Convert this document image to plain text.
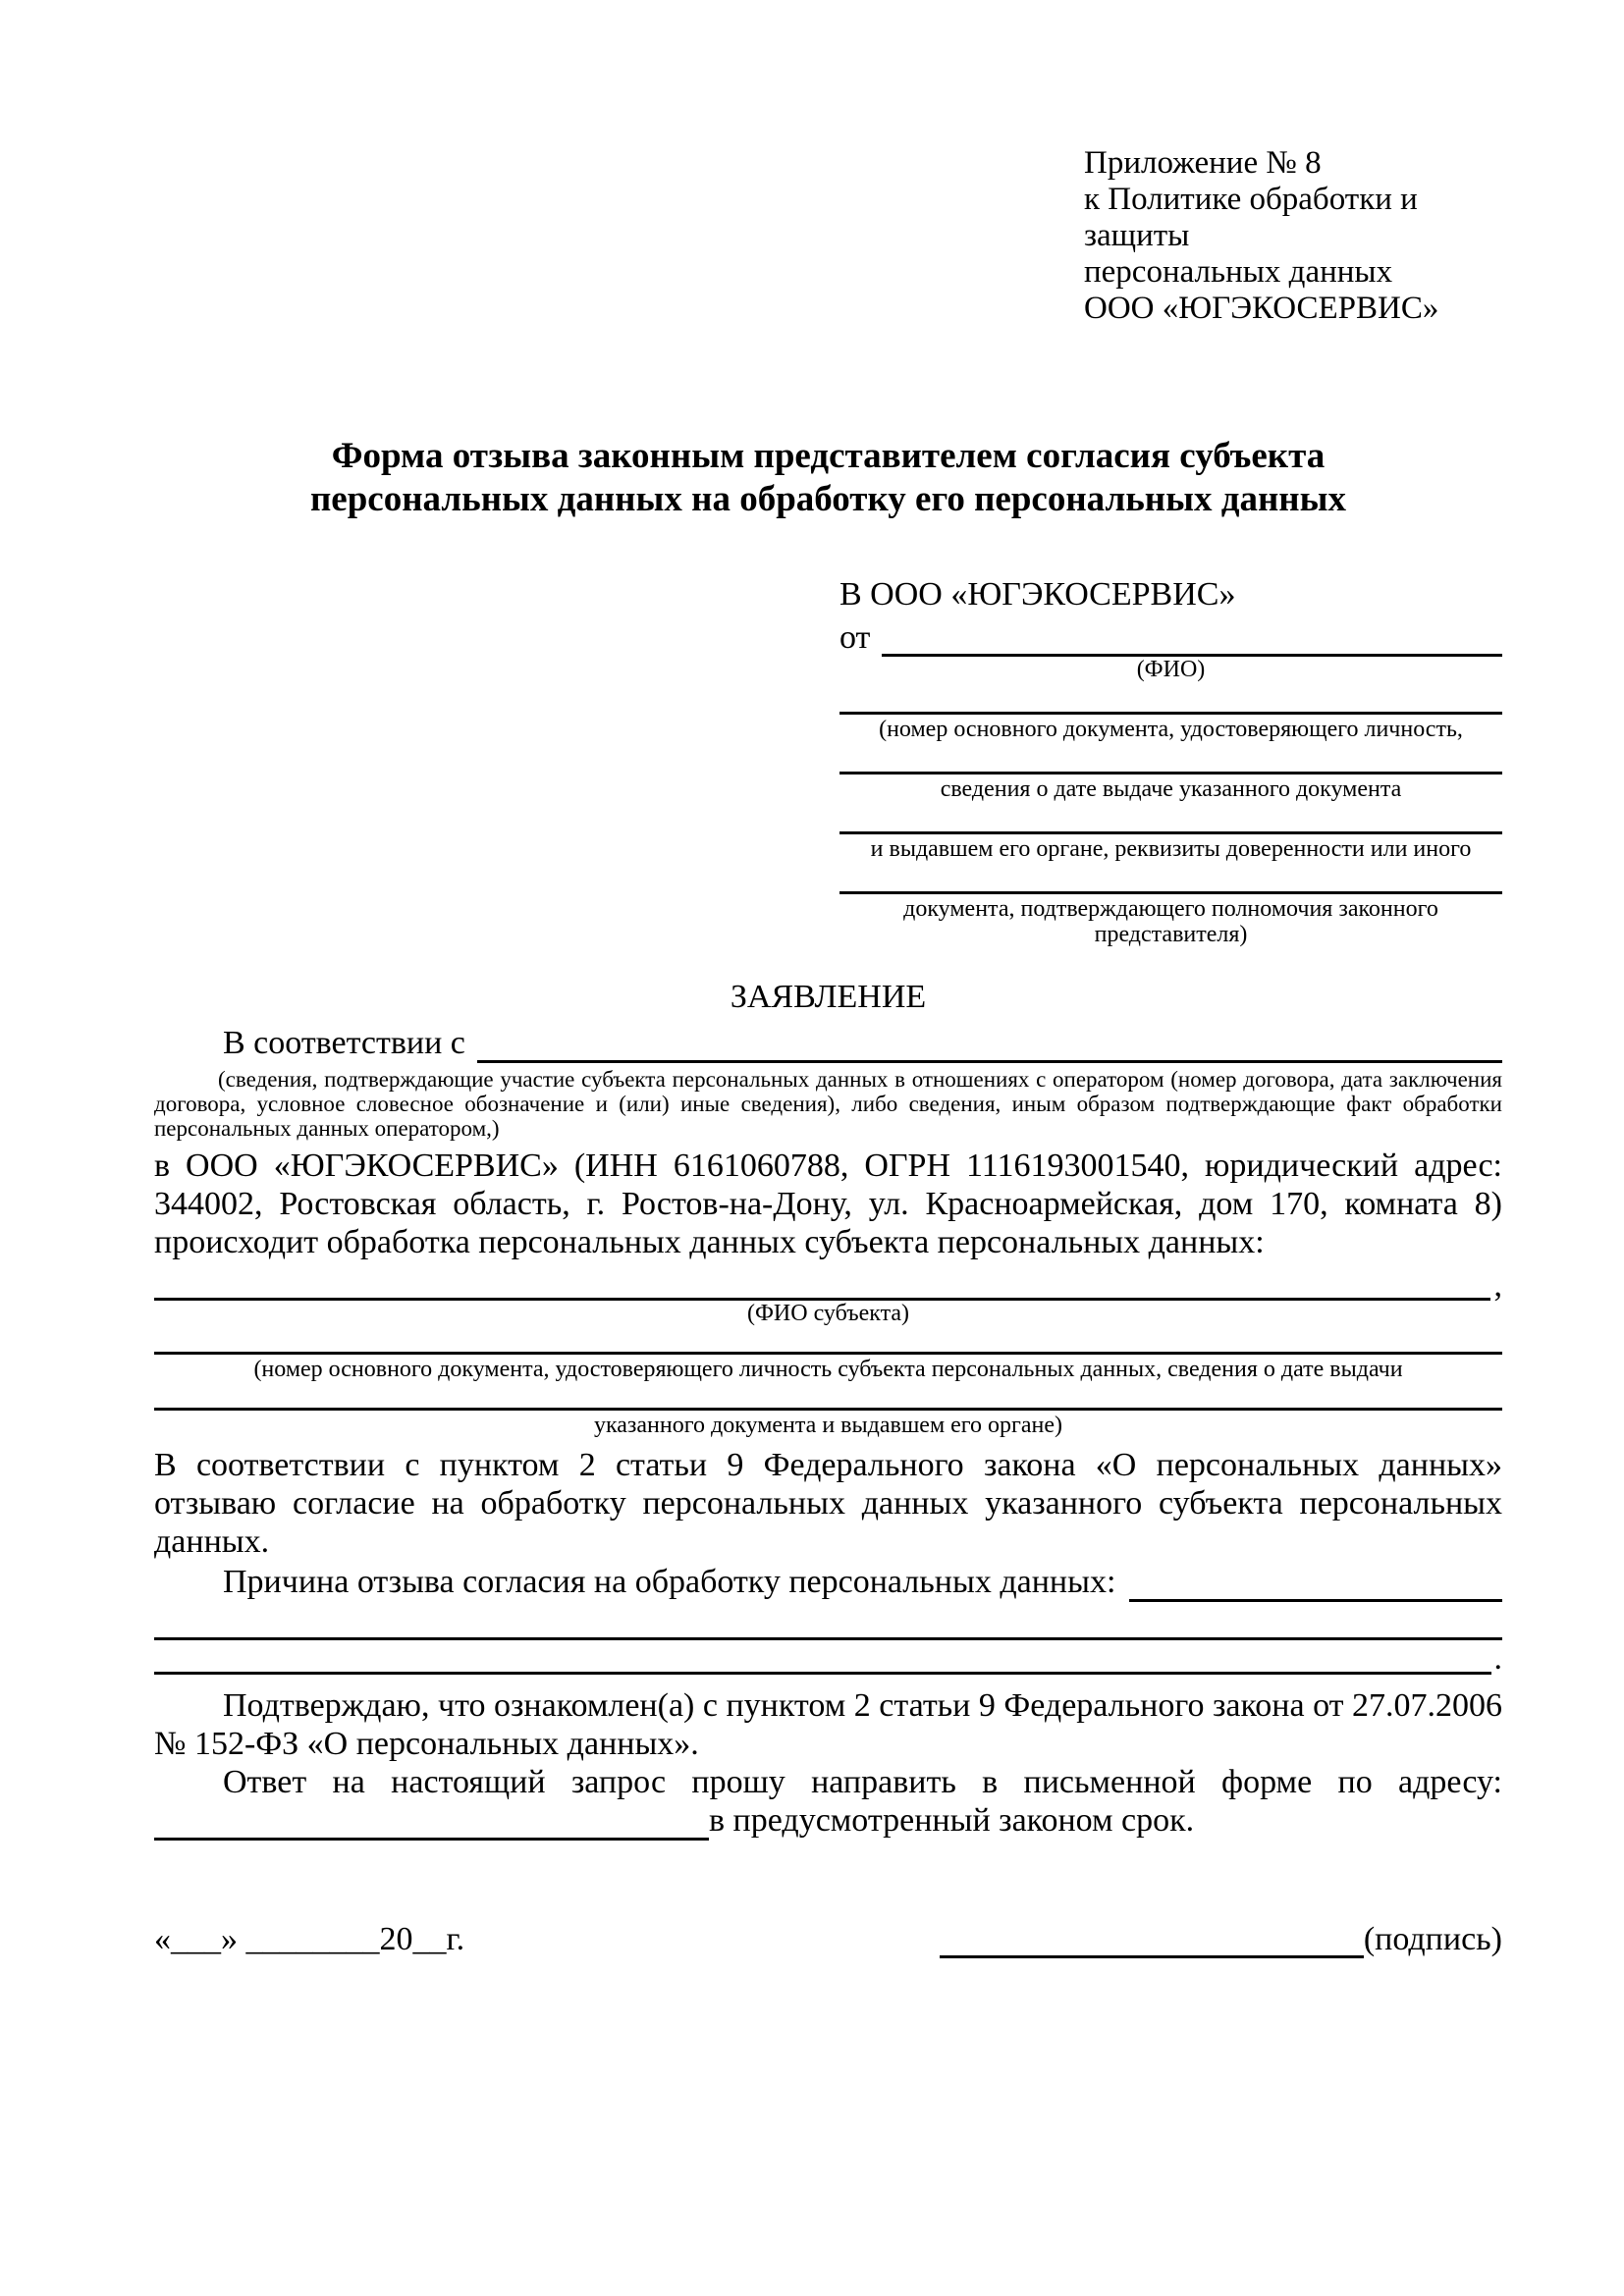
Приложение № 8
к Политике обработки и защиты
персональных данных
ООО «ЮГЭКОСЕРВИС»
Форма отзыва законным представителем согласия субъекта персональных данных на обработку его персональных данных
В ООО «ЮГЭКОСЕРВИС»
от
(ФИО)
(номер основного документа, удостоверяющего личность,
сведения о дате выдаче указанного документа
и выдавшем его органе, реквизиты доверенности или иного
документа, подтверждающего полномочия законного представителя)
ЗАЯВЛЕНИЕ
В соответствии с
(сведения, подтверждающие участие субъекта персональных данных в отношениях с оператором (номер договора, дата заключения договора, условное словесное обозначение и (или) иные сведения), либо сведения, иным образом подтверждающие факт обработки персональных данных оператором,)
в ООО «ЮГЭКОСЕРВИС» (ИНН 6161060788, ОГРН 1116193001540, юридический адрес: 344002, Ростовская область, г. Ростов-на-Дону, ул. Красноармейская, дом 170, комната 8) происходит обработка персональных данных субъекта персональных данных:
,
(ФИО субъекта)
(номер основного документа, удостоверяющего личность субъекта персональных данных, сведения о дате выдачи
указанного документа и выдавшем его органе)
В соответствии с пунктом 2 статьи 9 Федерального закона «О персональных данных» отзываю согласие на обработку персональных данных указанного субъекта персональных данных.
Причина отзыва согласия на обработку персональных данных:
.
Подтверждаю, что ознакомлен(а) с пунктом 2 статьи 9 Федерального закона от 27.07.2006 № 152-ФЗ «О персональных данных».
Ответ на настоящий запрос прошу направить в письменной форме по адресу:
в предусмотренный законом срок.
«___» ________20__г.	(подпись)
